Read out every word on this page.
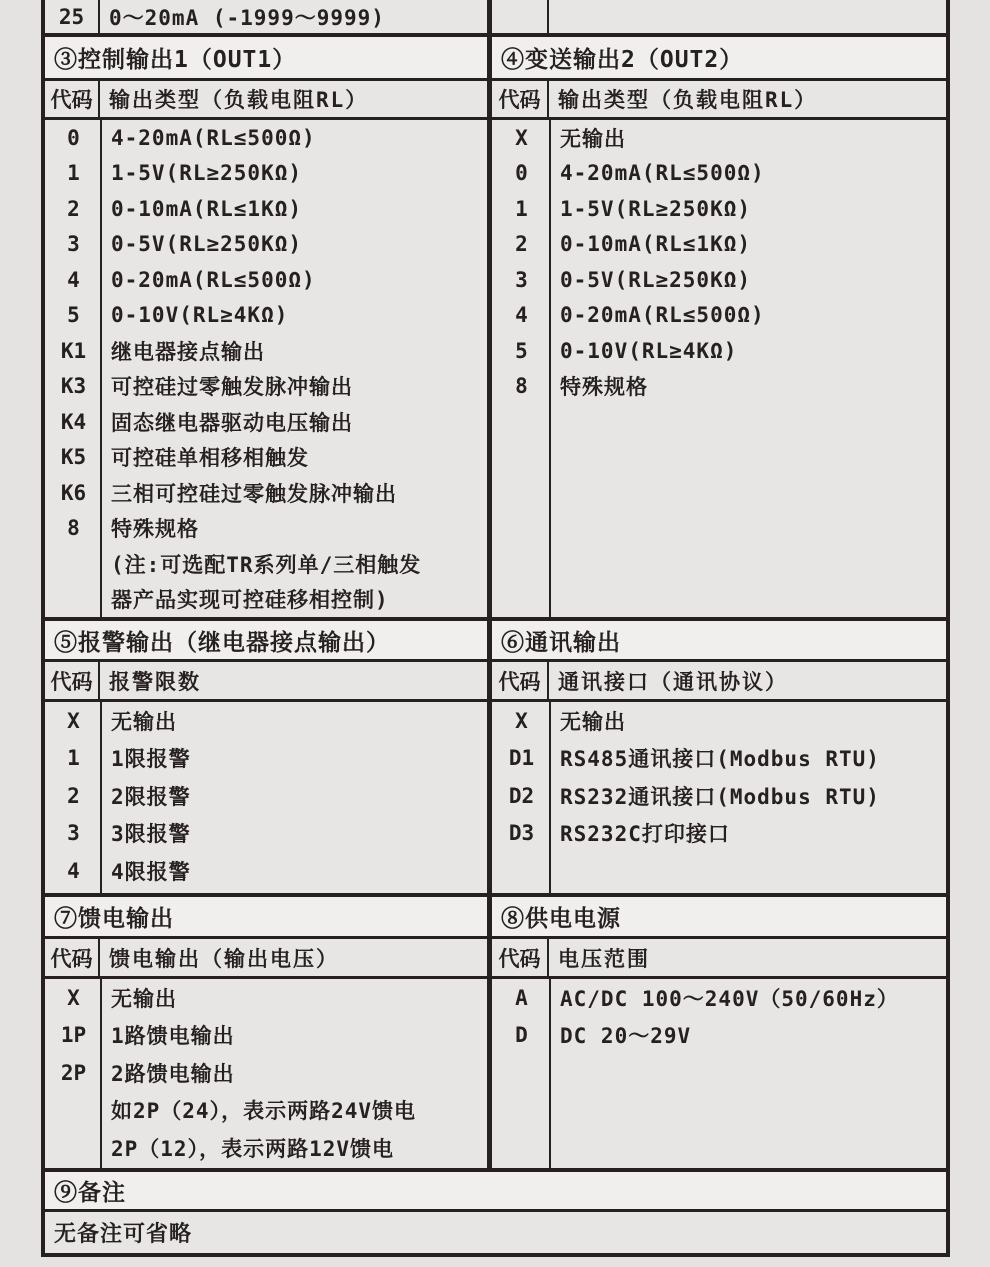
25	0～20mA (-1999～9999)
③控制输出1（OUT1）
代码 输出类型（负载电阻RL）
0	4-20mA(RL≤500Ω)
1	1-5V(RL≥250KΩ)
2	0-10mA(RL≤1KΩ)
3	0-5V(RL≥250KΩ)
4	0-20mA(RL≤500Ω)
5	0-10V(RL≥4KΩ)
K1	继电器接点输出
K3	可控硅过零触发脉冲输出
K4	固态继电器驱动电压输出
K5	可控硅单相移相触发
K6	三相可控硅过零触发脉冲输出
8	特殊规格
(注:可选配TR系列单/三相触发
器产品实现可控硅移相控制)
④变送输出2（OUT2）
代码 输出类型（负载电阻RL）
X	无输出
0	4-20mA(RL≤500Ω)
1	1-5V(RL≥250KΩ)
2	0-10mA(RL≤1KΩ)
3	0-5V(RL≥250KΩ)
4	0-20mA(RL≤500Ω)
5	0-10V(RL≥4KΩ)
8	特殊规格
⑤报警输出（继电器接点输出）
代码 报警限数
X	无输出
1	1限报警
2	2限报警
3	3限报警
4	4限报警
⑥通讯输出
代码 通讯接口（通讯协议）
X	无输出
D1	RS485通讯接口(Modbus RTU)
D2	RS232通讯接口(Modbus RTU)
D3	RS232C打印接口
⑦馈电输出
代码 馈电输出（输出电压）
X	无输出
1P	1路馈电输出
2P	2路馈电输出
如2P（24），表示两路24V馈电
2P（12），表示两路12V馈电
⑧供电电源
代码 电压范围
A	AC/DC 100～240V（50/60Hz）
D	DC 20～29V
⑨备注
无备注可省略
